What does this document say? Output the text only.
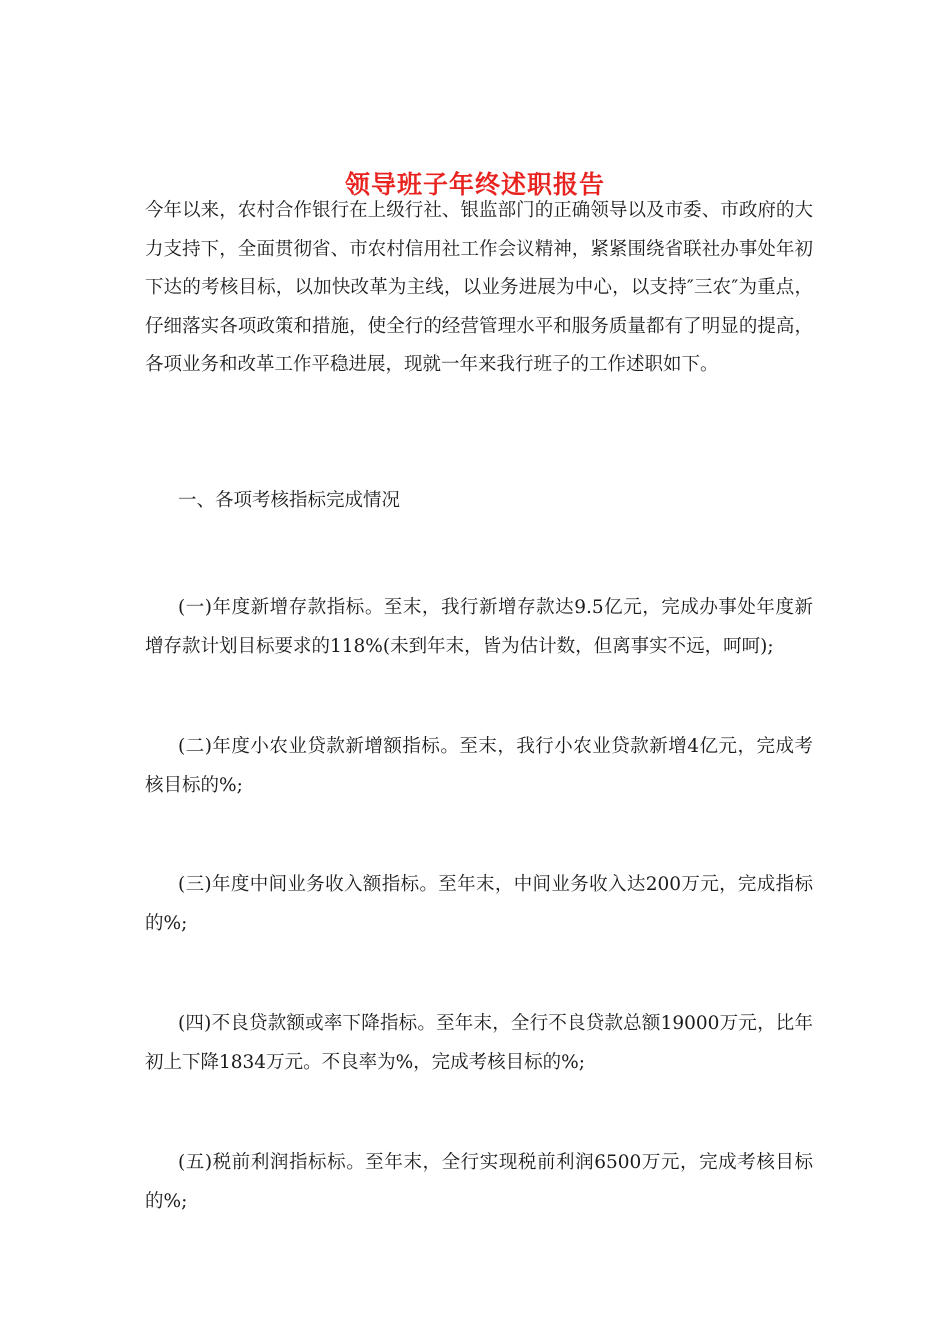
领导班子年终述职报告

今年以来，农村合作银行在上级行社、银监部门的正确领导以及市委、市政府的大力支持下，全面贯彻省、市农村信用社工作会议精神，紧紧围绕省联社办事处年初下达的考核目标，以加快改革为主线，以业务进展为中心，以支持″三农″为重点，仔细落实各项政策和措施，使全行的经营管理水平和服务质量都有了明显的提高，各项业务和改革工作平稳进展，现就一年来我行班子的工作述职如下。

一、各项考核指标完成情况

(一)年度新增存款指标。至末，我行新增存款达9.5亿元，完成办事处年度新增存款计划目标要求的118%(未到年末，皆为估计数，但离事实不远，呵呵);

(二)年度小农业贷款新增额指标。至末，我行小农业贷款新增4亿元，完成考核目标的%;

(三)年度中间业务收入额指标。至年末，中间业务收入达200万元，完成指标的%;

(四)不良贷款额或率下降指标。至年末，全行不良贷款总额19000万元，比年初上下降1834万元。不良率为%，完成考核目标的%;

(五)税前利润指标标。至年末，全行实现税前利润6500万元，完成考核目标的%;
